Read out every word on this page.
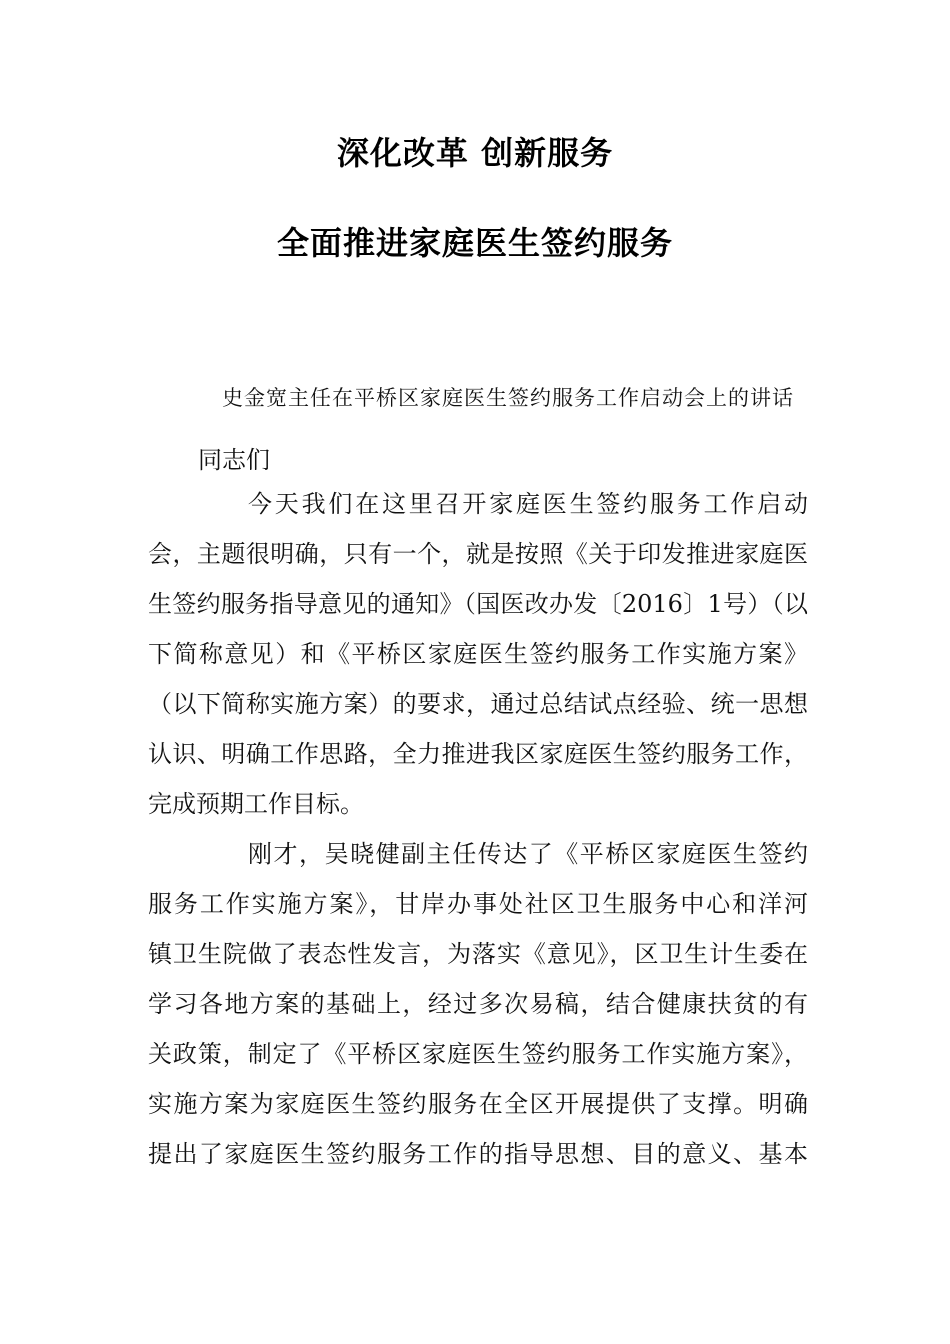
深化改革 创新服务
全面推进家庭医生签约服务
史金宽主任在平桥区家庭医生签约服务工作启动会上的讲话
同志们
今天我们在这里召开家庭医生签约服务工作启动
会，主题很明确，只有一个，就是按照《关于印发推进家庭医
生签约服务指导意见的通知》（国医改办发〔2016〕1号）（以
下简称意见）和《平桥区家庭医生签约服务工作实施方案》
（以下简称实施方案）的要求，通过总结试点经验、统一思想
认识、明确工作思路，全力推进我区家庭医生签约服务工作，
完成预期工作目标。
刚才，吴晓健副主任传达了《平桥区家庭医生签约
服务工作实施方案》，甘岸办事处社区卫生服务中心和洋河
镇卫生院做了表态性发言，为落实《意见》，区卫生计生委在
学习各地方案的基础上，经过多次易稿，结合健康扶贫的有
关政策，制定了《平桥区家庭医生签约服务工作实施方案》，
实施方案为家庭医生签约服务在全区开展提供了支撑。明确
提出了家庭医生签约服务工作的指导思想、目的意义、基本
